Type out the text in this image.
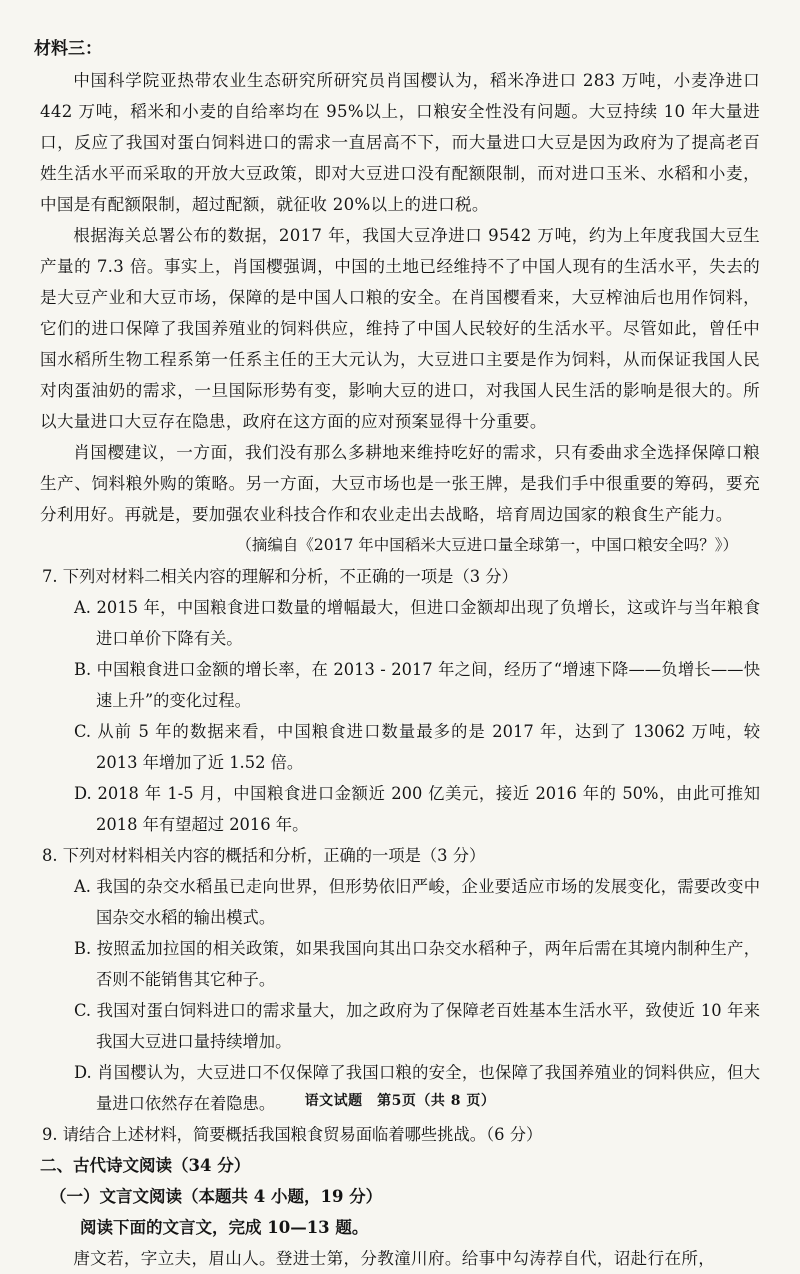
材料三：

中国科学院亚热带农业生态研究所研究员肖国樱认为，稻米净进口 283 万吨，小麦净进口 442 万吨，稻米和小麦的自给率均在 95%以上，口粮安全性没有问题。大豆持续 10 年大量进口，反应了我国对蛋白饲料进口的需求一直居高不下，而大量进口大豆是因为政府为了提高老百姓生活水平而采取的开放大豆政策，即对大豆进口没有配额限制，而对进口玉米、水稻和小麦，中国是有配额限制，超过配额，就征收 20%以上的进口税。

根据海关总署公布的数据，2017 年，我国大豆净进口 9542 万吨，约为上年度我国大豆生产量的 7.3 倍。事实上，肖国樱强调，中国的土地已经维持不了中国人现有的生活水平，失去的是大豆产业和大豆市场，保障的是中国人口粮的安全。在肖国樱看来，大豆榨油后也用作饲料，它们的进口保障了我国养殖业的饲料供应，维持了中国人民较好的生活水平。尽管如此，曾任中国水稻所生物工程系第一任系主任的王大元认为，大豆进口主要是作为饲料，从而保证我国人民对肉蛋油奶的需求，一旦国际形势有变，影响大豆的进口，对我国人民生活的影响是很大的。所以大量进口大豆存在隐患，政府在这方面的应对预案显得十分重要。

肖国樱建议，一方面，我们没有那么多耕地来维持吃好的需求，只有委曲求全选择保障口粮生产、饲料粮外购的策略。另一方面，大豆市场也是一张王牌，是我们手中很重要的筹码，要充分利用好。再就是，要加强农业科技合作和农业走出去战略，培育周边国家的粮食生产能力。

（摘编自《2017 年中国稻米大豆进口量全球第一，中国口粮安全吗？》）

7. 下列对材料二相关内容的理解和分析，不正确的一项是（3 分）

A. 2015 年，中国粮食进口数量的增幅最大，但进口金额却出现了负增长，这或许与当年粮食进口单价下降有关。

B. 中国粮食进口金额的增长率，在 2013 - 2017 年之间，经历了“增速下降——负增长——快速上升”的变化过程。

C. 从前 5 年的数据来看，中国粮食进口数量最多的是 2017 年，达到了 13062 万吨，较 2013 年增加了近 1.52 倍。

D. 2018 年 1-5 月，中国粮食进口金额近 200 亿美元，接近 2016 年的 50%，由此可推知 2018 年有望超过 2016 年。

8. 下列对材料相关内容的概括和分析，正确的一项是（3 分）

A. 我国的杂交水稻虽已走向世界，但形势依旧严峻，企业要适应市场的发展变化，需要改变中国杂交水稻的输出模式。

B. 按照孟加拉国的相关政策，如果我国向其出口杂交水稻种子，两年后需在其境内制种生产，否则不能销售其它种子。

C. 我国对蛋白饲料进口的需求量大，加之政府为了保障老百姓基本生活水平，致使近 10 年来我国大豆进口量持续增加。

D. 肖国樱认为，大豆进口不仅保障了我国口粮的安全，也保障了我国养殖业的饲料供应，但大量进口依然存在着隐患。

9. 请结合上述材料，简要概括我国粮食贸易面临着哪些挑战。（6 分）

二、古代诗文阅读（34 分）

（一）文言文阅读（本题共 4 小题，19 分）

阅读下面的文言文，完成 10—13 题。

唐文若，字立夫，眉山人。登进士第，分教潼川府。给事中勾涛荐自代，诏赴行在所，

语文试题　第5页（共 8 页）
